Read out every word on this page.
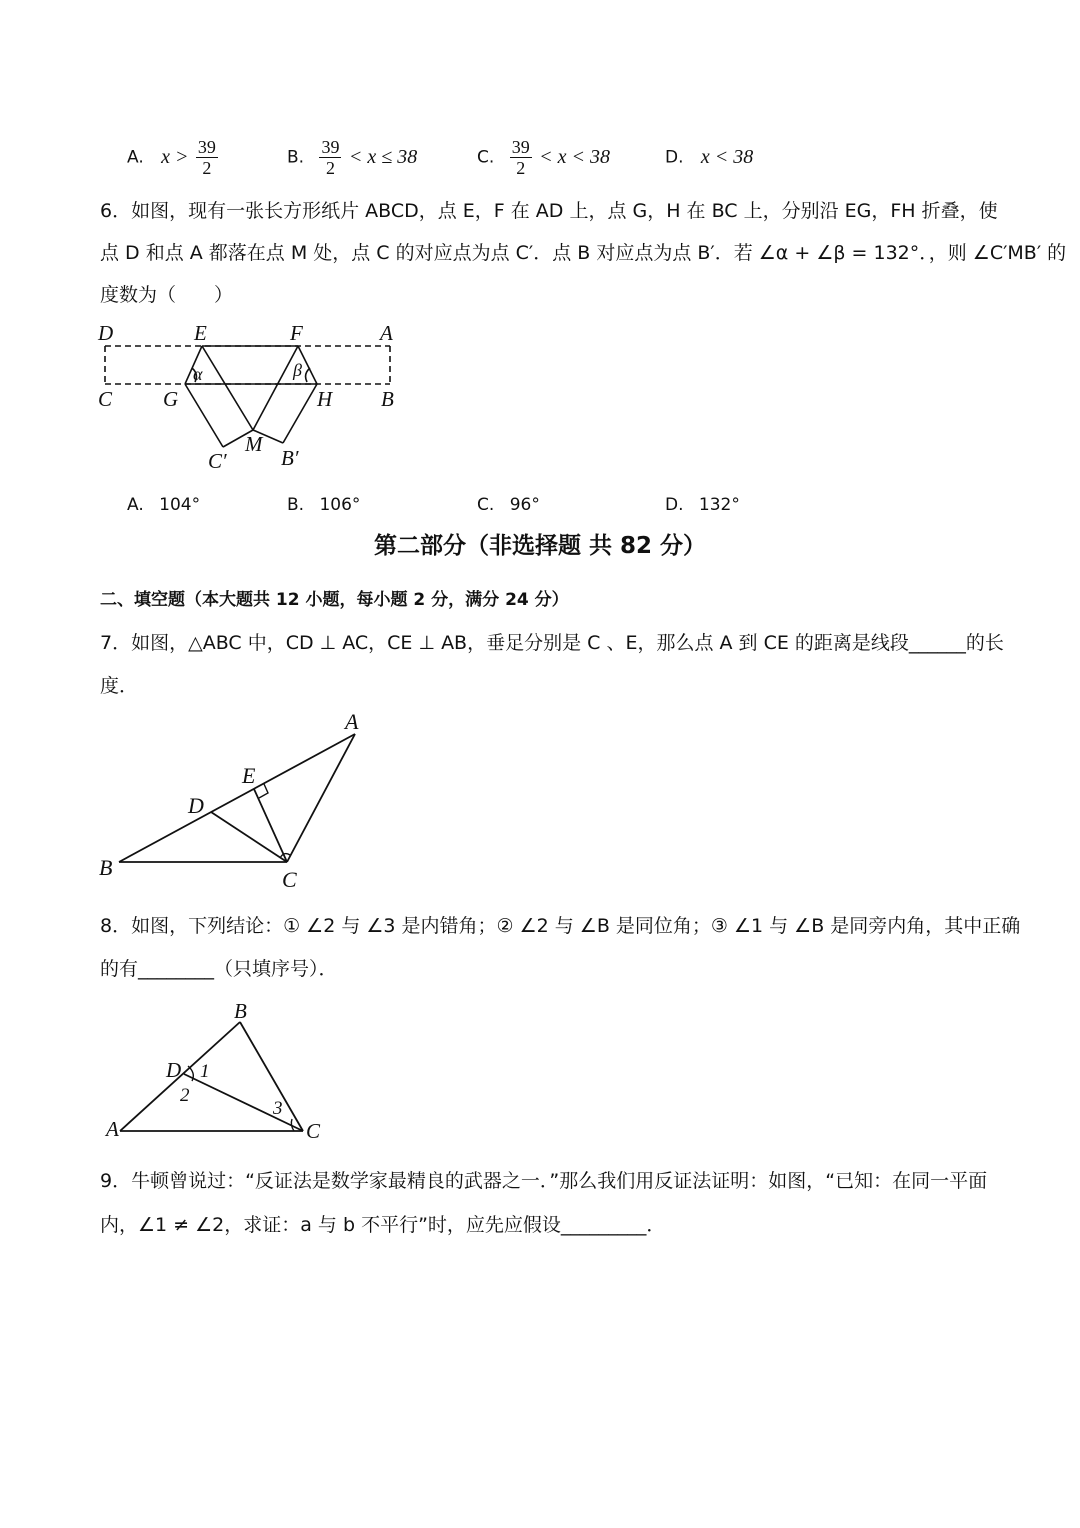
A. $x > \frac{39}{2}$	B. $\frac{39}{2} < x \le 38$	C. $\frac{39}{2} < x < 38$	D. x < 38
6．如图，现有一张长方形纸片 ABCD，点 E，F 在 AD 上，点 G，H 在 BC 上，分别沿 EG，FH 折叠，使
点 D 和点 A 都落在点 M 处，点 C 的对应点为点 C′．点 B 对应点为点 B′．若 ∠α + ∠β = 132°．，则 ∠C′MB′ 的
度数为（　　）
D	E	F	A
C G	H B
M
C′	B′
α	β
A. 104°	B. 106°	C. 96°	D. 132°
第二部分（非选择题 共 82 分）
二、填空题（本大题共 12 小题，每小题 2 分，满分 24 分）
7．如图，△ABC 中，CD ⊥ AC，CE ⊥ AB，垂足分别是 C 、E，那么点 A 到 CE 的距离是线段______的长
度．
A
E
D
B	C
8．如图，下列结论：① ∠2 与 ∠3 是内错角；② ∠2 与 ∠B 是同位角；③ ∠1 与 ∠B 是同旁内角，其中正确
的有________（只填序号）．
B
D 1
2
3
A	C
9．牛顿曾说过：“反证法是数学家最精良的武器之一．”那么我们用反证法证明：如图，“已知：在同一平面
内，∠1 ≠ ∠2，求证：a 与 b 不平行”时，应先应假设_________．
